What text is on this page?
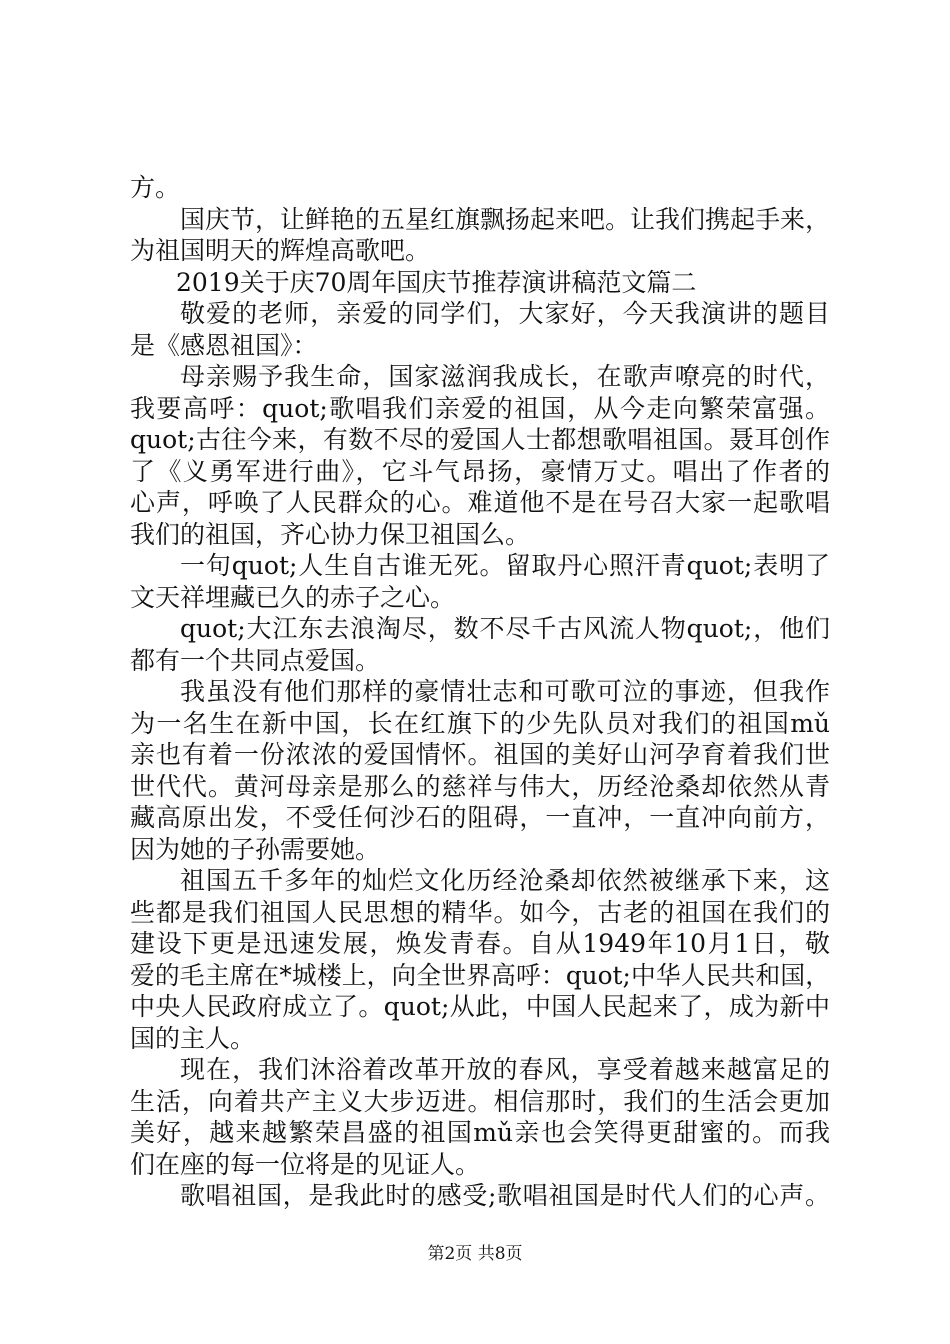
方。
国庆节，让鲜艳的五星红旗飘扬起来吧。让我们携起手来，
为祖国明天的辉煌高歌吧。
2019关于庆70周年国庆节推荐演讲稿范文篇二
敬爱的老师，亲爱的同学们，大家好，今天我演讲的题目
是《感恩祖国》：
母亲赐予我生命，国家滋润我成长，在歌声嘹亮的时代，
我要高呼：quot;歌唱我们亲爱的祖国，从今走向繁荣富强。
quot;古往今来，有数不尽的爱国人士都想歌唱祖国。聂耳创作
了《义勇军进行曲》，它斗气昂扬，豪情万丈。唱出了作者的
心声，呼唤了人民群众的心。难道他不是在号召大家一起歌唱
我们的祖国，齐心协力保卫祖国么。
一句quot;人生自古谁无死。留取丹心照汗青quot;表明了
文天祥埋藏已久的赤子之心。
quot;大江东去浪淘尽，数不尽千古风流人物quot;，他们
都有一个共同点爱国。
我虽没有他们那样的豪情壮志和可歌可泣的事迹，但我作
为一名生在新中国，长在红旗下的少先队员对我们的祖国mǔ
亲也有着一份浓浓的爱国情怀。祖国的美好山河孕育着我们世
世代代。黄河母亲是那么的慈祥与伟大，历经沧桑却依然从青
藏高原出发，不受任何沙石的阻碍，一直冲，一直冲向前方，
因为她的子孙需要她。
祖国五千多年的灿烂文化历经沧桑却依然被继承下来，这
些都是我们祖国人民思想的精华。如今，古老的祖国在我们的
建设下更是迅速发展，焕发青春。自从1949年10月1日，敬
爱的毛主席在*城楼上，向全世界高呼：quot;中华人民共和国，
中央人民政府成立了。quot;从此，中国人民起来了，成为新中
国的主人。
现在，我们沐浴着改革开放的春风，享受着越来越富足的
生活，向着共产主义大步迈进。相信那时，我们的生活会更加
美好，越来越繁荣昌盛的祖国mǔ亲也会笑得更甜蜜的。而我
们在座的每一位将是的见证人。
歌唱祖国，是我此时的感受;歌唱祖国是时代人们的心声。
第2页 共8页
